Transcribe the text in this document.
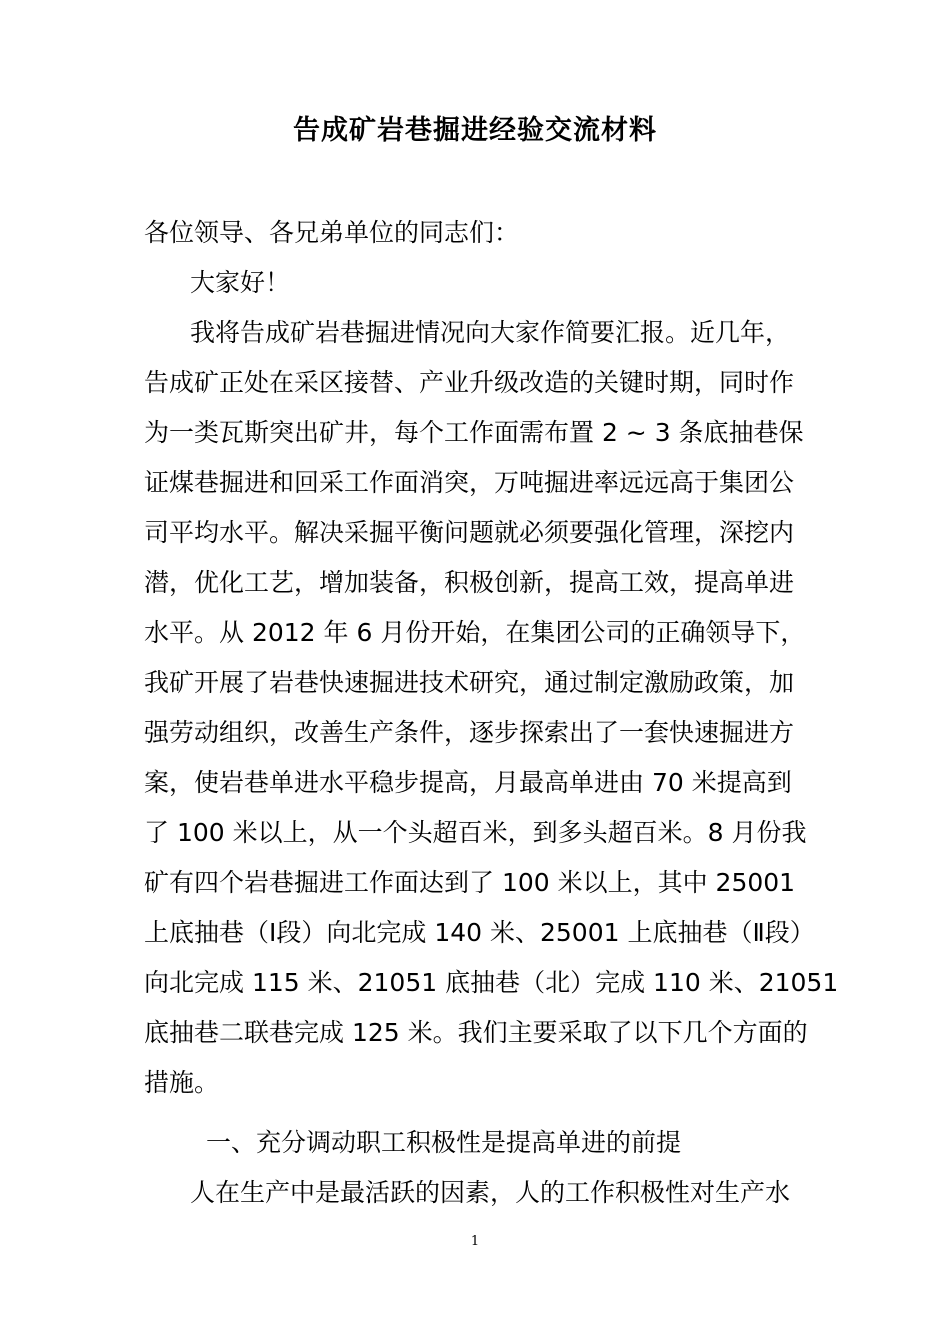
告成矿岩巷掘进经验交流材料

各位领导、各兄弟单位的同志们：

大家好！

我将告成矿岩巷掘进情况向大家作简要汇报。近几年，
告成矿正处在采区接替、产业升级改造的关键时期，同时作
为一类瓦斯突出矿井，每个工作面需布置 2 ~ 3 条底抽巷保
证煤巷掘进和回采工作面消突，万吨掘进率远远高于集团公
司平均水平。解决采掘平衡问题就必须要强化管理，深挖内
潜，优化工艺，增加装备，积极创新，提高工效，提高单进
水平。从 2012 年 6 月份开始，在集团公司的正确领导下，
我矿开展了岩巷快速掘进技术研究，通过制定激励政策，加
强劳动组织，改善生产条件，逐步探索出了一套快速掘进方
案，使岩巷单进水平稳步提高，月最高单进由 70 米提高到
了 100 米以上，从一个头超百米，到多头超百米。8 月份我
矿有四个岩巷掘进工作面达到了 100 米以上，其中 25001
上底抽巷（Ⅰ段）向北完成 140 米、25001 上底抽巷（Ⅱ段）
向北完成 115 米、21051 底抽巷（北）完成 110 米、21051
底抽巷二联巷完成 125 米。我们主要采取了以下几个方面的
措施。

一、充分调动职工积极性是提高单进的前提

人在生产中是最活跃的因素，人的工作积极性对生产水

1
